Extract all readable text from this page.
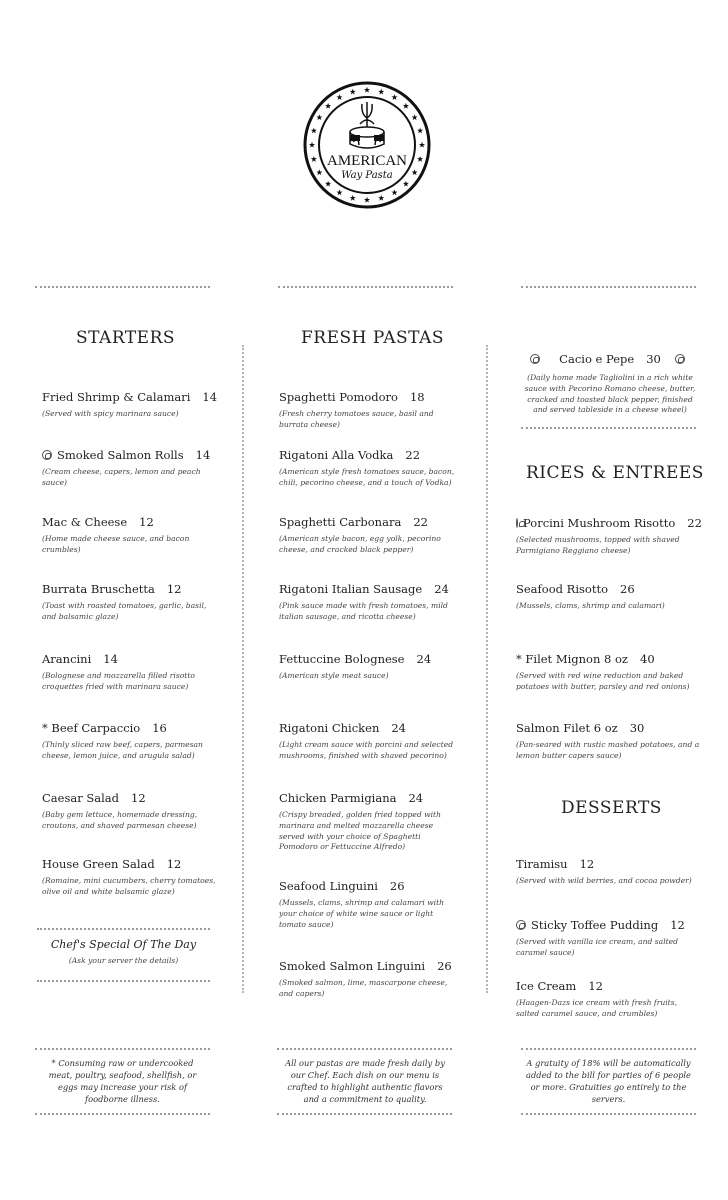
AMERICAN
Way Pasta
STARTERS
Fried Shrimp & Calamari 14
(Served with spicy marinara sauce)
Smoked Salmon Rolls 14
(Cream cheese, capers, lemon and peach sauce)
Mac & Cheese 12
(Home made cheese sauce, and bacon crumbles)
Burrata Bruschetta 12
(Toast with roasted tomatoes, garlic, basil, and balsamic glaze)
Arancini 14
(Bolognese and mozzarella filled risotto croquettes fried with marinara sauce)
* Beef Carpaccio 16
(Thinly sliced raw beef, capers, parmesan cheese, lemon juice, and arugula salad)
Caesar Salad 12
(Baby gem lettuce, homemade dressing, croutons, and shaved parmesan cheese)
House Green Salad 12
(Romaine, mini cucumbers, cherry tomatoes, olive oil and white balsamic glaze)
Chef's Special Of The Day
(Ask your server the details)
FRESH PASTAS
Spaghetti Pomodoro 18
(Fresh cherry tomatoes sauce, basil and burrata cheese)
Rigatoni Alla Vodka 22
(American style fresh tomatoes sauce, bacon, chili, pecorino cheese, and a touch of Vodka)
Spaghetti Carbonara 22
(American style bacon, egg yolk, pecorino cheese, and cracked black pepper)
Rigatoni Italian Sausage 24
(Pink sauce made with fresh tomatoes, mild italian sausage, and ricotta cheese)
Fettuccine Bolognese 24
(American style meat sauce)
Rigatoni Chicken 24
(Light cream sauce with porcini and selected mushrooms, finished with shaved pecorino)
Chicken Parmigiana 24
(Crispy breaded, golden fried topped with marinara and melted mozzarella cheese served with your choice of Spaghetti Pomodoro or Fettuccine Alfredo)
Seafood Linguini 26
(Mussels, clams, shrimp and calamari with your choice of white wine sauce or light tomato sauce)
Smoked Salmon Linguini 26
(Smoked salmon, lime, mascarpone cheese, and capers)
Cacio e Pepe 30
(Daily home made Tagliolini in a rich white sauce with Pecorino Romano cheese, butter, cracked and toasted black pepper, finished and served tableside in a cheese wheel)
RICES & ENTREES
Porcini Mushroom Risotto 22
(Selected mushrooms, topped with shaved Parmigiano Reggiano cheese)
Seafood Risotto 26
(Mussels, clams, shrimp and calamari)
* Filet Mignon 8 oz 40
(Served with red wine reduction and baked potatoes with butter, parsley and red onions)
Salmon Filet 6 oz 30
(Pan-seared with rustic mashed potatoes, and a lemon butter capers sauce)
DESSERTS
Tiramisu 12
(Served with wild berries, and cocoa powder)
Sticky Toffee Pudding 12
(Served with vanilla ice cream, and salted caramel sauce)
Ice Cream 12
(Haagen-Dazs ice cream with fresh fruits, salted caramel sauce, and crumbles)
* Consuming raw or undercooked meat, poultry, seafood, shellfish, or eggs may increase your risk of foodborne illness.
All our pastas are made fresh daily by our Chef. Each dish on our menu is crafted to highlight authentic flavors and a commitment to quality.
A gratuity of 18% will be automatically added to the bill for parties of 6 people or more. Gratuities go entirely to the servers.
